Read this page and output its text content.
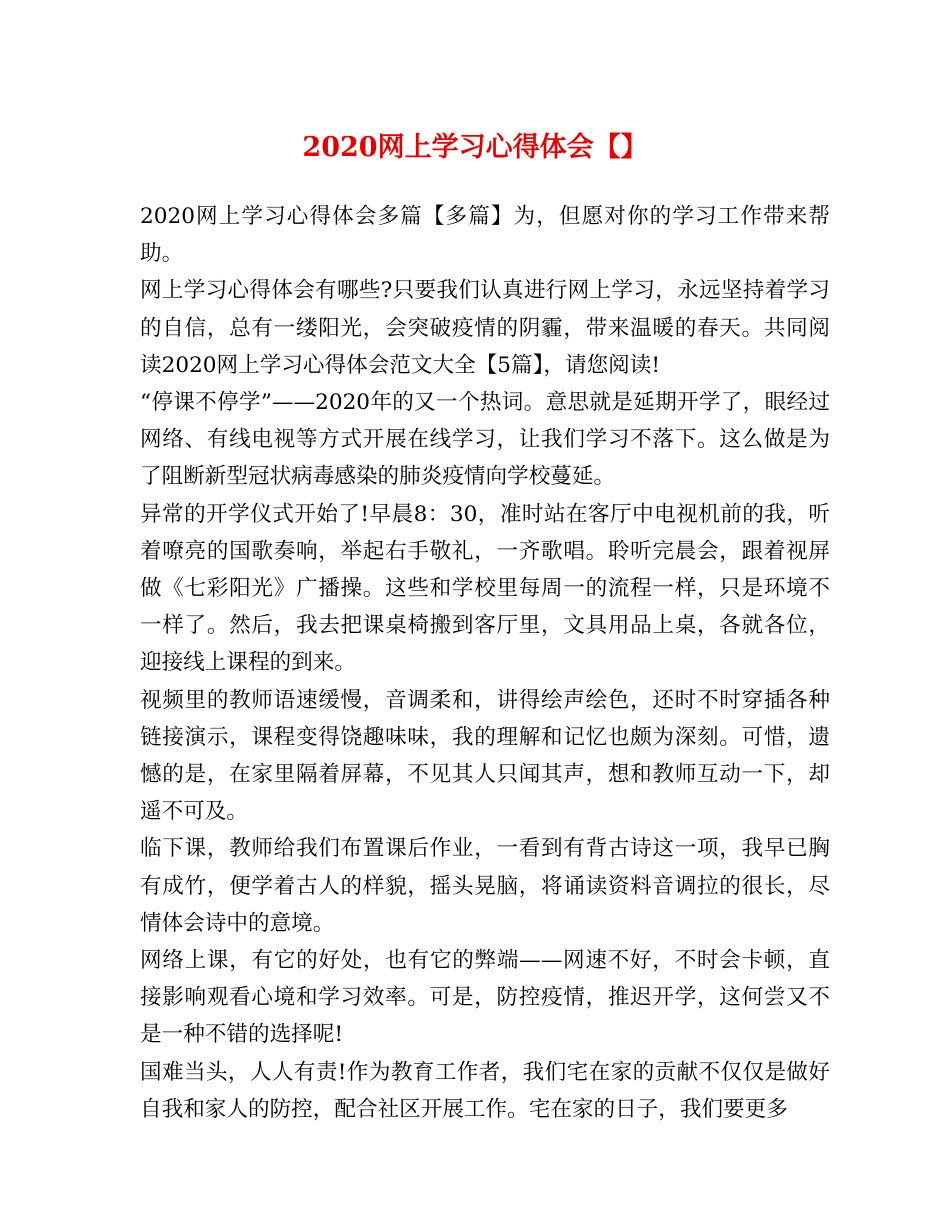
2020网上学习心得体会【】

2020网上学习心得体会多篇【多篇】为，但愿对你的学习工作带来帮助。

网上学习心得体会有哪些?只要我们认真进行网上学习，永远坚持着学习的自信，总有一缕阳光，会突破疫情的阴霾，带来温暖的春天。共同阅读2020网上学习心得体会范文大全【5篇】，请您阅读!

“停课不停学”——2020年的又一个热词。意思就是延期开学了，眼经过网络、有线电视等方式开展在线学习，让我们学习不落下。这么做是为了阻断新型冠状病毒感染的肺炎疫情向学校蔓延。

异常的开学仪式开始了!早晨8：30，准时站在客厅中电视机前的我，听着嘹亮的国歌奏响，举起右手敬礼，一齐歌唱。聆听完晨会，跟着视屏做《七彩阳光》广播操。这些和学校里每周一的流程一样，只是环境不一样了。然后，我去把课桌椅搬到客厅里，文具用品上桌，各就各位，迎接线上课程的到来。

视频里的教师语速缓慢，音调柔和，讲得绘声绘色，还时不时穿插各种链接演示，课程变得饶趣味味，我的理解和记忆也颇为深刻。可惜，遗憾的是，在家里隔着屏幕，不见其人只闻其声，想和教师互动一下，却遥不可及。

临下课，教师给我们布置课后作业，一看到有背古诗这一项，我早已胸有成竹，便学着古人的样貌，摇头晃脑，将诵读资料音调拉的很长，尽情体会诗中的意境。

网络上课，有它的好处，也有它的弊端——网速不好，不时会卡顿，直接影响观看心境和学习效率。可是，防控疫情，推迟开学，这何尝又不是一种不错的选择呢!

国难当头，人人有责!作为教育工作者，我们宅在家的贡献不仅仅是做好自我和家人的防控，配合社区开展工作。宅在家的日子，我们要更多
